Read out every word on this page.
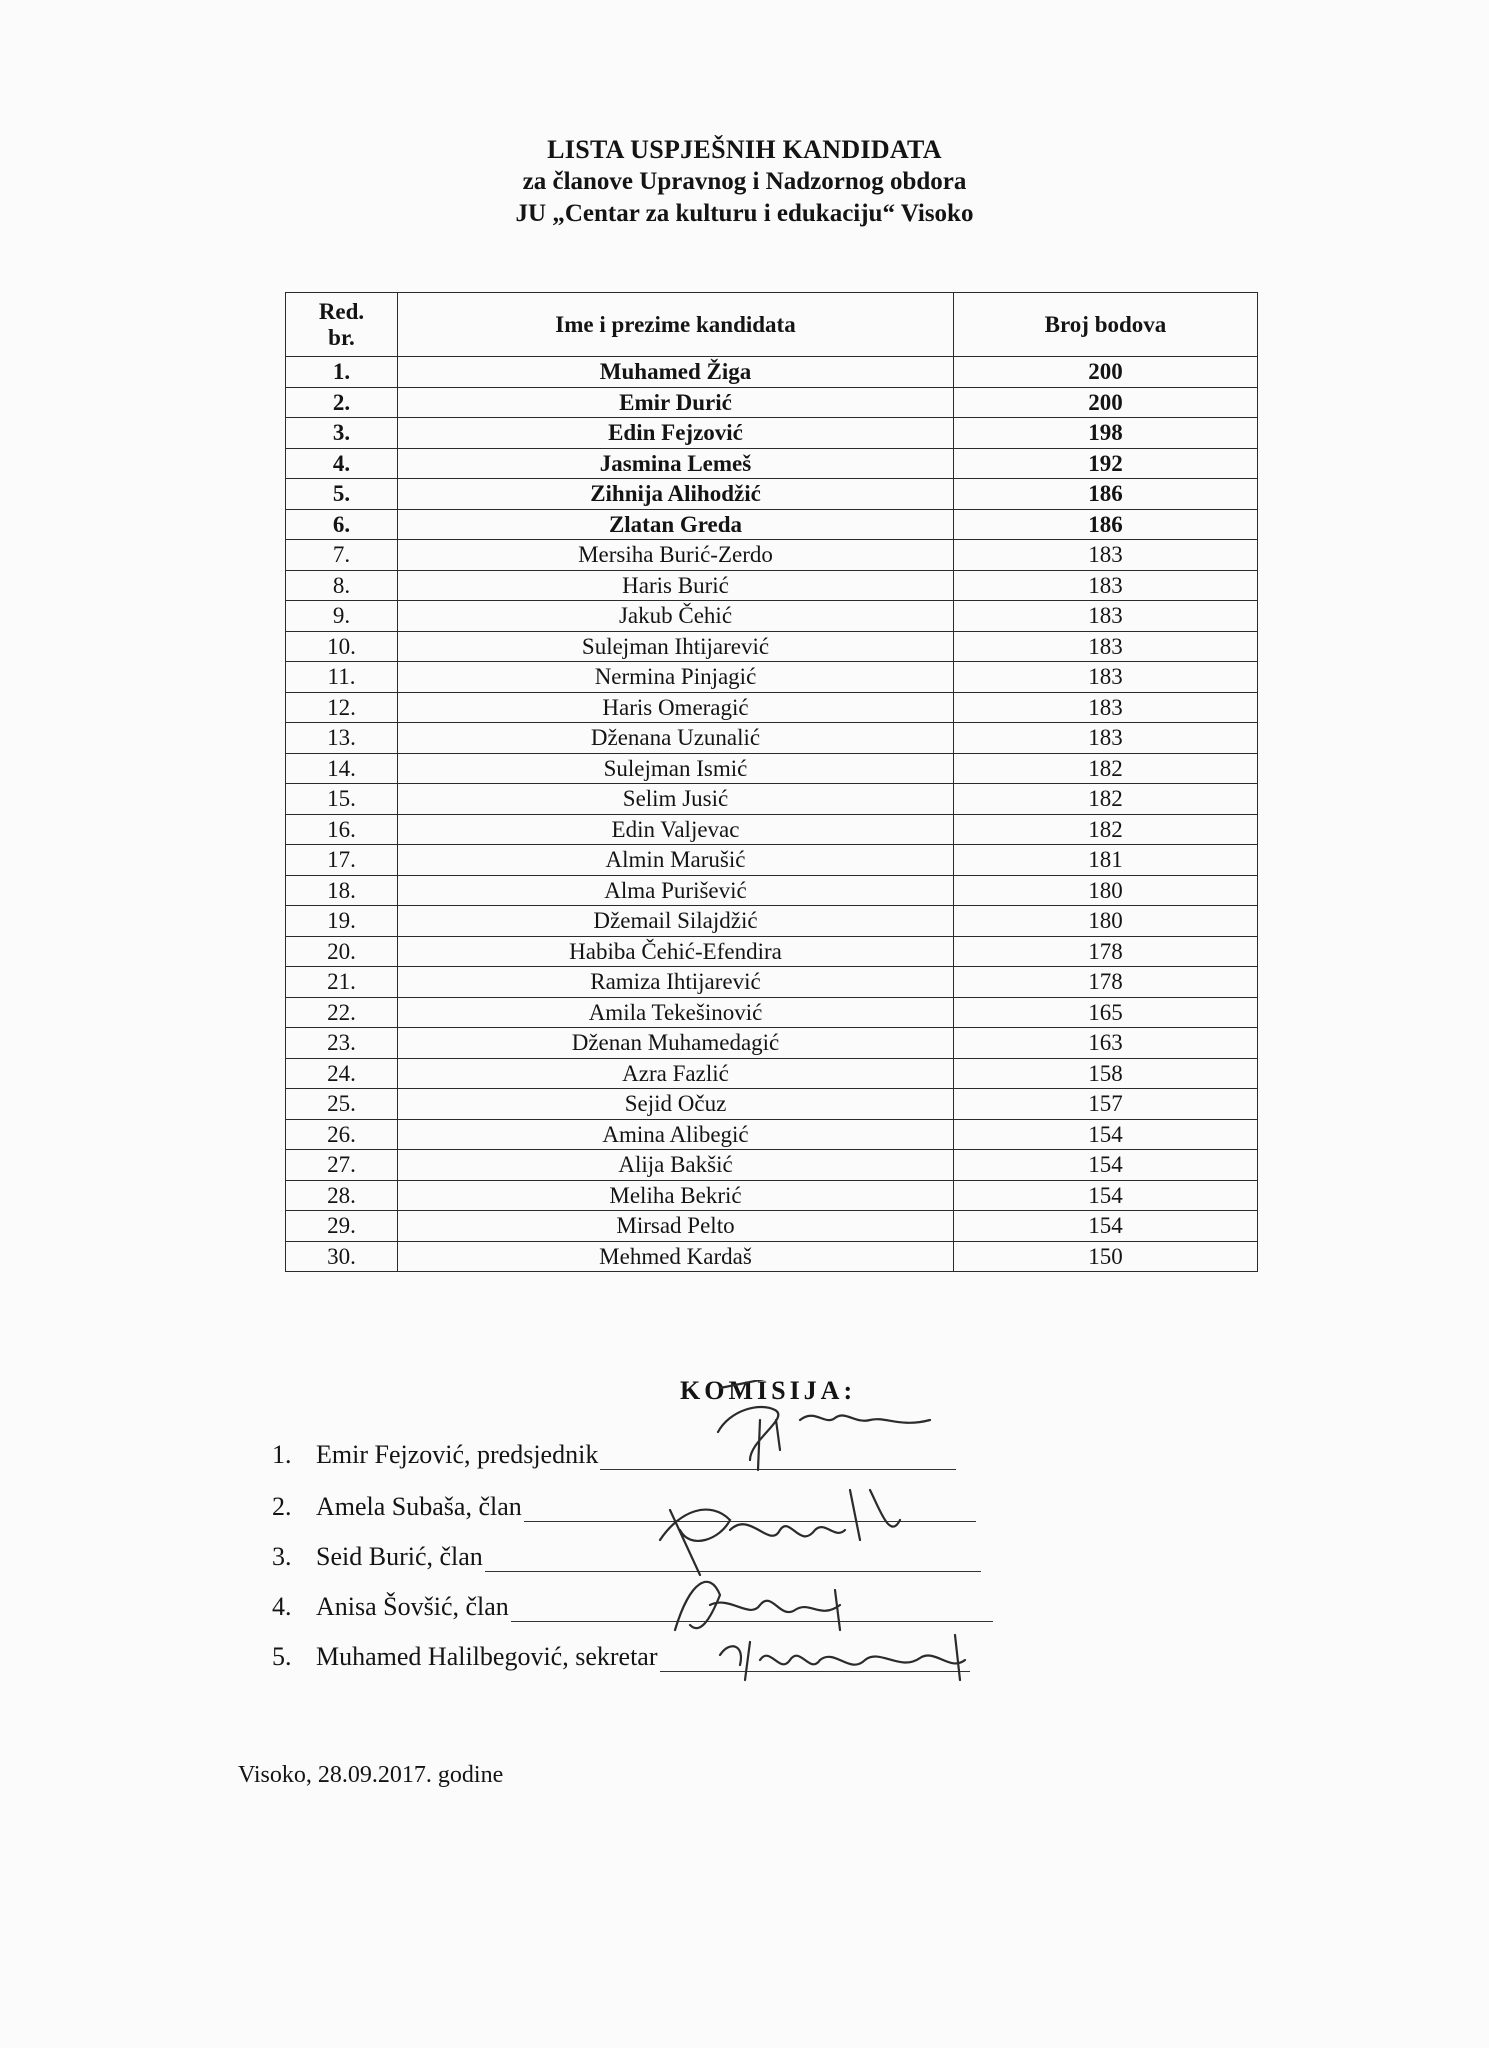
LISTA USPJEŠNIH KANDIDATA
za članove Upravnog i Nadzornog obdora
JU „Centar za kulturu i edukaciju“ Visoko
Red. br.	Ime i prezime kandidata	Broj bodova
1.	Muhamed Žiga	200
2.	Emir Durić	200
3.	Edin Fejzović	198
4.	Jasmina Lemeš	192
5.	Zihnija Alihodžić	186
6.	Zlatan Greda	186
7.	Mersiha Burić-Zerdo	183
8.	Haris Burić	183
9.	Jakub Čehić	183
10.	Sulejman Ihtijarević	183
11.	Nermina Pinjagić	183
12.	Haris Omeragić	183
13.	Dženana Uzunalić	183
14.	Sulejman Ismić	182
15.	Selim Jusić	182
16.	Edin Valjevac	182
17.	Almin Marušić	181
18.	Alma Purišević	180
19.	Džemail Silajdžić	180
20.	Habiba Čehić-Efendira	178
21.	Ramiza Ihtijarević	178
22.	Amila Tekešinović	165
23.	Dženan Muhamedagić	163
24.	Azra Fazlić	158
25.	Sejid Očuz	157
26.	Amina Alibegić	154
27.	Alija Bakšić	154
28.	Meliha Bekrić	154
29.	Mirsad Pelto	154
30.	Mehmed Kardaš	150
KOMISIJA:
1. Emir Fejzović, predsjednik
2. Amela Subaša, član
3. Seid Burić, član
4. Anisa Šovšić, član
5. Muhamed Halilbegović, sekretar
Visoko, 28.09.2017. godine
